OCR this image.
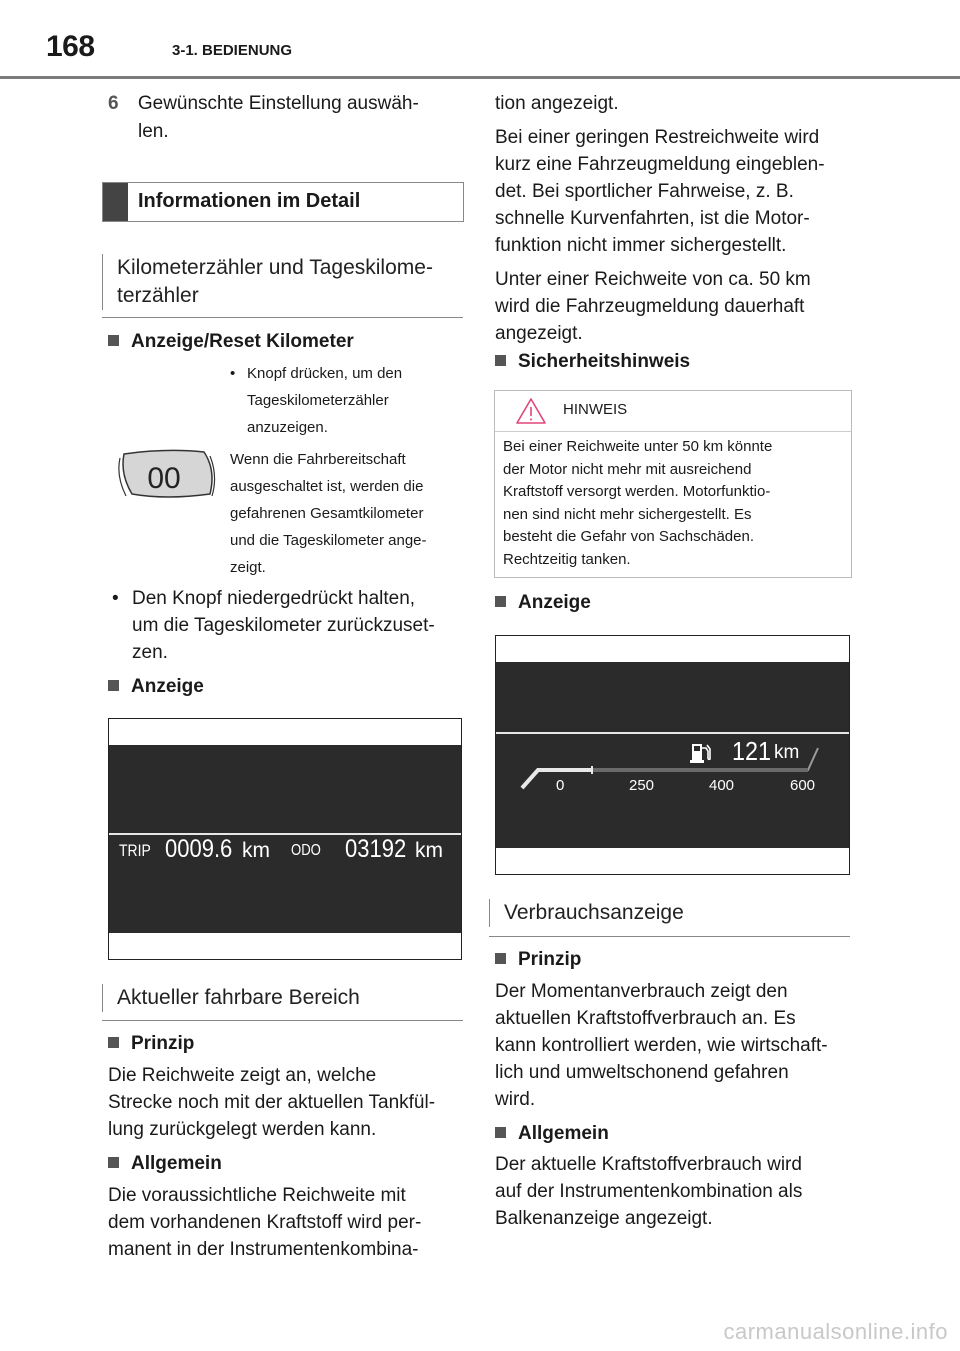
168	3-1. BEDIENUNG
6 Gewünschte Einstellung auswäh-
len.
Informationen im Detail
Kilometerzähler und Tageskilome-
terzähler
Anzeige/Reset Kilometer
• Knopf drücken, um den
Tageskilometerzähler
anzuzeigen.
00
Wenn die Fahrbereitschaft
ausgeschaltet ist, werden die
gefahrenen Gesamtkilometer
und die Tageskilometer ange-
zeigt.
• Den Knopf niedergedrückt halten,
um die Tageskilometer zurückzuset-
zen.
Anzeige
TRIP 0009.6 km ODO 03192 km
Aktueller fahrbare Bereich
Prinzip
Die Reichweite zeigt an, welche
Strecke noch mit der aktuellen Tankfül-
lung zurückgelegt werden kann.
Allgemein
Die voraussichtliche Reichweite mit
dem vorhandenen Kraftstoff wird per-
manent in der Instrumentenkombina-
tion angezeigt.
Bei einer geringen Restreichweite wird
kurz eine Fahrzeugmeldung eingeblen-
det. Bei sportlicher Fahrweise, z. B.
schnelle Kurvenfahrten, ist die Motor-
funktion nicht immer sichergestellt.
Unter einer Reichweite von ca. 50 km
wird die Fahrzeugmeldung dauerhaft
angezeigt.
Sicherheitshinweis
HINWEIS
Bei einer Reichweite unter 50 km könnte
der Motor nicht mehr mit ausreichend
Kraftstoff versorgt werden. Motorfunktio-
nen sind nicht mehr sichergestellt. Es
besteht die Gefahr von Sachschäden.
Rechtzeitig tanken.
Anzeige
121 km
0	250	400	600
Verbrauchsanzeige
Prinzip
Der Momentanverbrauch zeigt den
aktuellen Kraftstoffverbrauch an. Es
kann kontrolliert werden, wie wirtschaft-
lich und umweltschonend gefahren
wird.
Allgemein
Der aktuelle Kraftstoffverbrauch wird
auf der Instrumentenkombination als
Balkenanzeige angezeigt.
carmanualsonline.info
